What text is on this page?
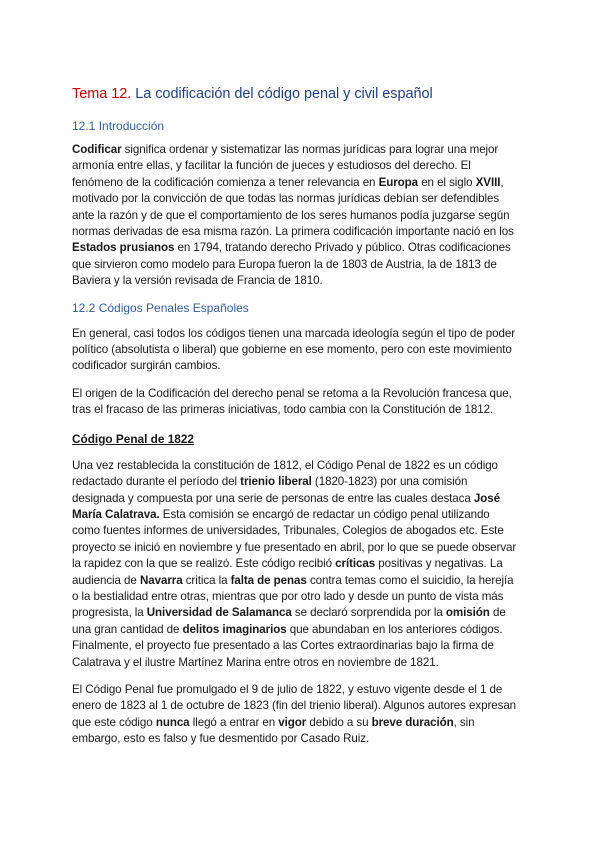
Tema 12. La codificación del código penal y civil español
12.1 Introducción

Codificar significa ordenar y sistematizar las normas jurídicas para lograr una mejor armonía entre ellas, y facilitar la función de jueces y estudiosos del derecho. El fenómeno de la codificación comienza a tener relevancia en Europa en el siglo XVIII, motivado por la convicción de que todas las normas jurídicas debían ser defendibles ante la razón y de que el comportamiento de los seres humanos podía juzgarse según normas derivadas de esa misma razón. La primera codificación importante nació en los Estados prusianos en 1794, tratando derecho Privado y público. Otras codificaciones que sirvieron como modelo para Europa fueron la de 1803 de Austria, la de 1813 de Baviera y la versión revisada de Francia de 1810.

12.2 Códigos Penales Españoles

En general, casi todos los códigos tienen una marcada ideología según el tipo de poder político (absolutista o liberal) que gobierne en ese momento, pero con este movimiento codificador surgirán cambios.

El origen de la Codificación del derecho penal se retoma a la Revolución francesa que, tras el fracaso de las primeras iniciativas, todo cambia con la Constitución de 1812.

Código Penal de 1822

Una vez restablecida la constitución de 1812, el Código Penal de 1822 es un código redactado durante el período del trienio liberal (1820-1823) por una comisión designada y compuesta por una serie de personas de entre las cuales destaca José María Calatrava. Esta comisión se encargó de redactar un código penal utilizando como fuentes informes de universidades, Tribunales, Colegios de abogados etc. Este proyecto se inició en noviembre y fue presentado en abril, por lo que se puede observar la rapidez con la que se realizó. Este código recibió críticas positivas y negativas. La audiencia de Navarra critica la falta de penas contra temas como el suicidio, la herejía o la bestialidad entre otras, mientras que por otro lado y desde un punto de vista más progresista, la Universidad de Salamanca se declaró sorprendida por la omisión de una gran cantidad de delitos imaginarios que abundaban en los anteriores códigos. Finalmente, el proyecto fue presentado a las Cortes extraordinarias bajo la firma de Calatrava y el ilustre Martínez Marina entre otros en noviembre de 1821.

El Código Penal fue promulgado el 9 de julio de 1822, y estuvo vigente desde el 1 de enero de 1823 al 1 de octubre de 1823 (fin del trienio liberal). Algunos autores expresan que este código nunca llegó a entrar en vigor debido a su breve duración, sin embargo, esto es falso y fue desmentido por Casado Ruiz.
